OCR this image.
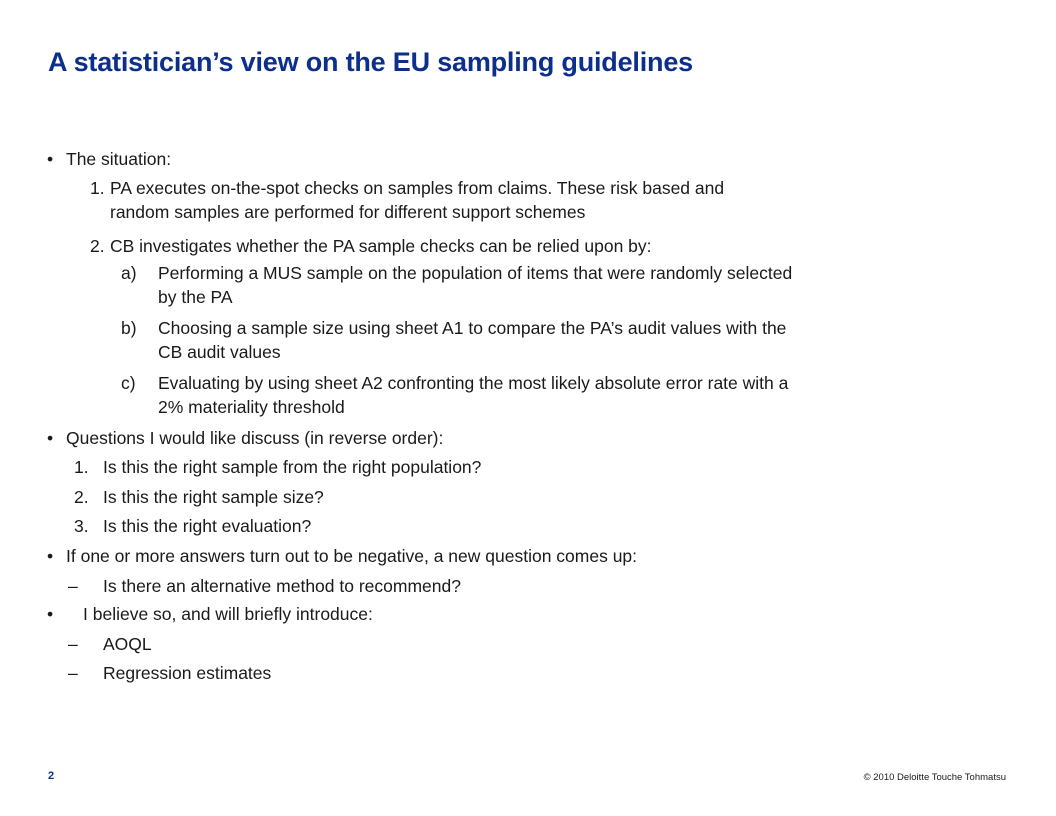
A statistician’s view on the EU sampling guidelines
• The situation:
1. PA executes on-the-spot checks on samples from claims. These risk based and
random samples are performed for different support schemes
2. CB investigates whether the PA sample checks can be relied upon by:
a) Performing a MUS sample on the population of items that were randomly selected
by the PA
b) Choosing a sample size using sheet A1 to compare the PA’s audit values with the
CB audit values
c) Evaluating by using sheet A2 confronting the most likely absolute error rate with a
2% materiality threshold
• Questions I would like discuss (in reverse order):
1. Is this the right sample from the right population?
2. Is this the right sample size?
3. Is this the right evaluation?
• If one or more answers turn out to be negative, a new question comes up:
– Is there an alternative method to recommend?
• I believe so, and will briefly introduce:
– AOQL
– Regression estimates
2	© 2010 Deloitte Touche Tohmatsu
